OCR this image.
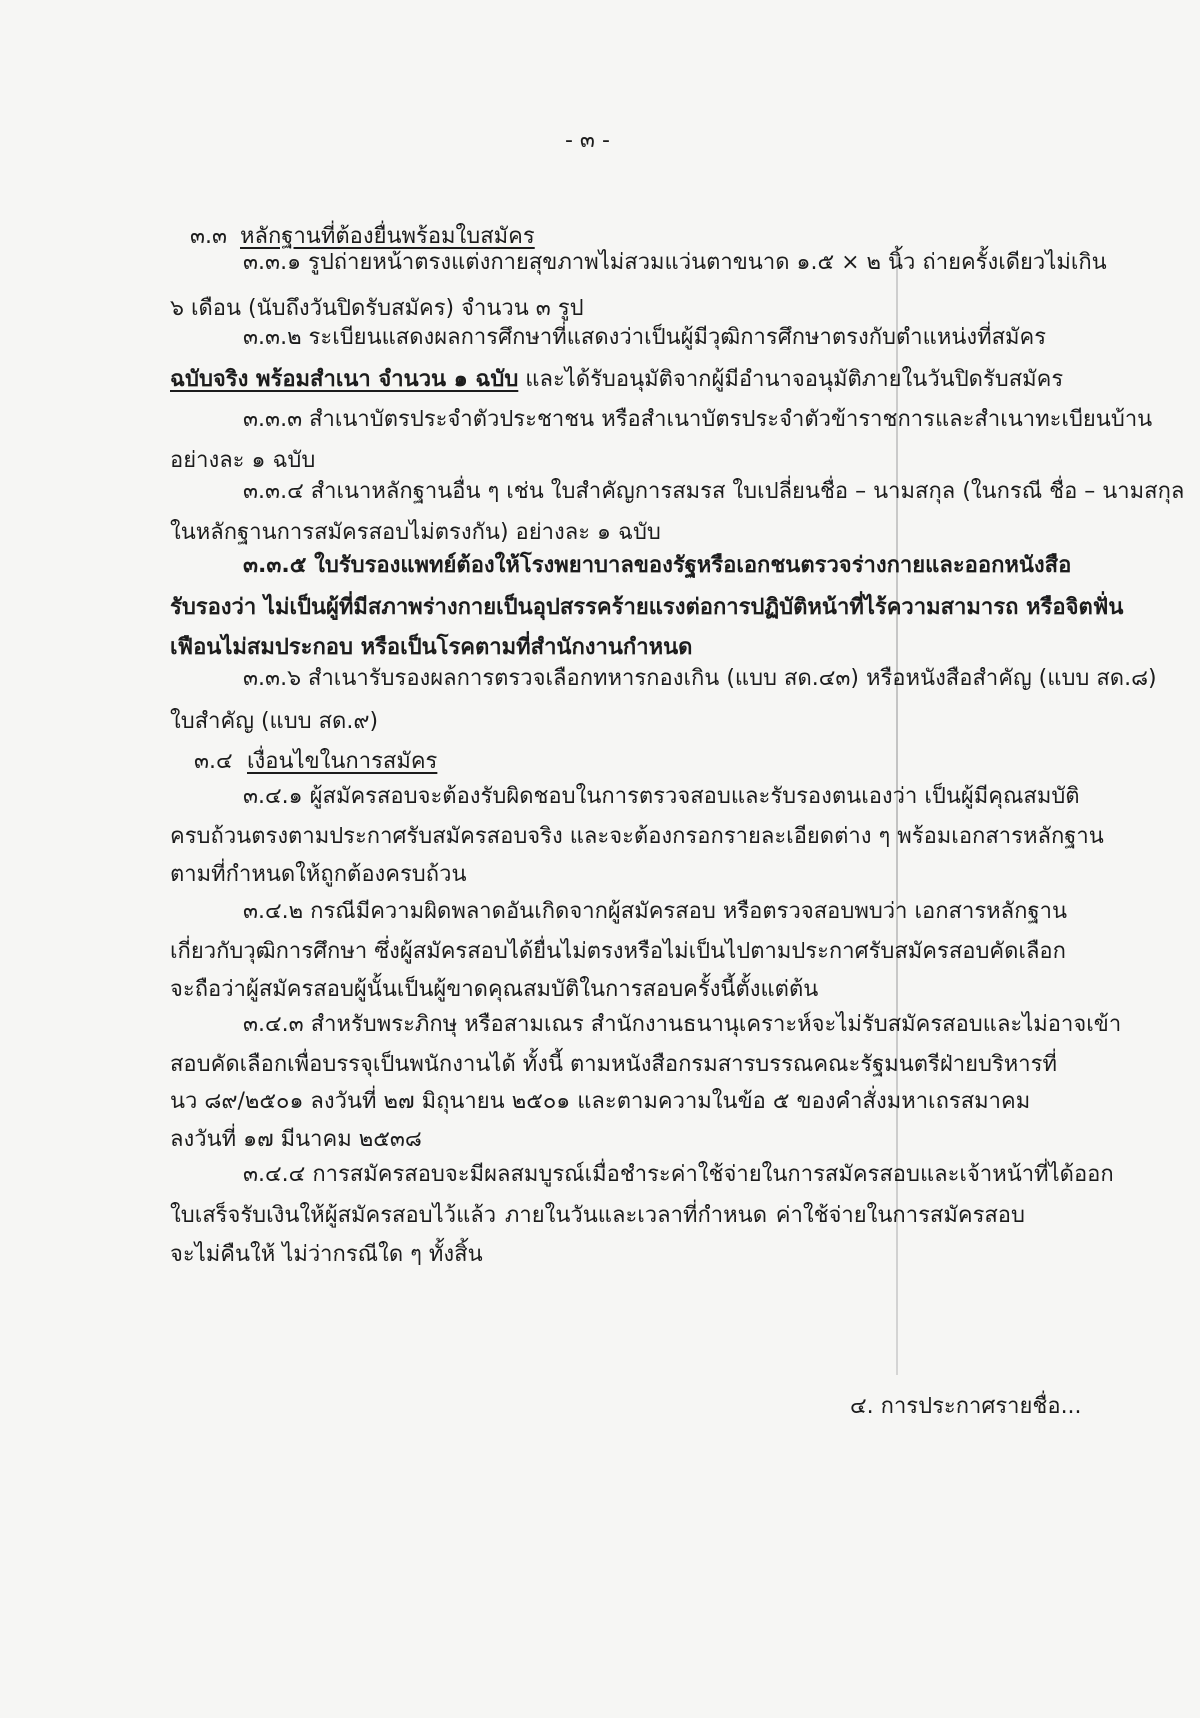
- ๓ -
๓.๓ หลักฐานที่ต้องยื่นพร้อมใบสมัคร
๓.๓.๑ รูปถ่ายหน้าตรงแต่งกายสุขภาพไม่สวมแว่นตาขนาด ๑.๕ × ๒ นิ้ว ถ่ายครั้งเดียวไม่เกิน
๖ เดือน (นับถึงวันปิดรับสมัคร) จำนวน ๓ รูป
๓.๓.๒ ระเบียนแสดงผลการศึกษาที่แสดงว่าเป็นผู้มีวุฒิการศึกษาตรงกับตำแหน่งที่สมัคร
ฉบับจริง พร้อมสำเนา จำนวน ๑ ฉบับ และได้รับอนุมัติจากผู้มีอำนาจอนุมัติภายในวันปิดรับสมัคร
๓.๓.๓ สำเนาบัตรประจำตัวประชาชน หรือสำเนาบัตรประจำตัวข้าราชการและสำเนาทะเบียนบ้าน
อย่างละ ๑ ฉบับ
๓.๓.๔ สำเนาหลักฐานอื่น ๆ เช่น ใบสำคัญการสมรส ใบเปลี่ยนชื่อ – นามสกุล (ในกรณี ชื่อ – นามสกุล
ในหลักฐานการสมัครสอบไม่ตรงกัน) อย่างละ ๑ ฉบับ
๓.๓.๕ ใบรับรองแพทย์ต้องให้โรงพยาบาลของรัฐหรือเอกชนตรวจร่างกายและออกหนังสือ
รับรองว่า ไม่เป็นผู้ที่มีสภาพร่างกายเป็นอุปสรรคร้ายแรงต่อการปฏิบัติหน้าที่ไร้ความสามารถ หรือจิตฟั่น
เฟือนไม่สมประกอบ หรือเป็นโรคตามที่สำนักงานกำหนด
๓.๓.๖ สำเนารับรองผลการตรวจเลือกทหารกองเกิน (แบบ สด.๔๓) หรือหนังสือสำคัญ (แบบ สด.๘)
ใบสำคัญ (แบบ สด.๙)
๓.๔ เงื่อนไขในการสมัคร
๓.๔.๑ ผู้สมัครสอบจะต้องรับผิดชอบในการตรวจสอบและรับรองตนเองว่า เป็นผู้มีคุณสมบัติ
ครบถ้วนตรงตามประกาศรับสมัครสอบจริง และจะต้องกรอกรายละเอียดต่าง ๆ พร้อมเอกสารหลักฐาน
ตามที่กำหนดให้ถูกต้องครบถ้วน
๓.๔.๒ กรณีมีความผิดพลาดอันเกิดจากผู้สมัครสอบ หรือตรวจสอบพบว่า เอกสารหลักฐาน
เกี่ยวกับวุฒิการศึกษา ซึ่งผู้สมัครสอบได้ยื่นไม่ตรงหรือไม่เป็นไปตามประกาศรับสมัครสอบคัดเลือก
จะถือว่าผู้สมัครสอบผู้นั้นเป็นผู้ขาดคุณสมบัติในการสอบครั้งนี้ตั้งแต่ต้น
๓.๔.๓ สำหรับพระภิกษุ หรือสามเณร สำนักงานธนานุเคราะห์จะไม่รับสมัครสอบและไม่อาจเข้า
สอบคัดเลือกเพื่อบรรจุเป็นพนักงานได้ ทั้งนี้ ตามหนังสือกรมสารบรรณคณะรัฐมนตรีฝ่ายบริหารที่
นว ๘๙/๒๕๐๑ ลงวันที่ ๒๗ มิถุนายน ๒๕๐๑ และตามความในข้อ ๕ ของคำสั่งมหาเถรสมาคม
ลงวันที่ ๑๗ มีนาคม ๒๕๓๘
๓.๔.๔ การสมัครสอบจะมีผลสมบูรณ์เมื่อชำระค่าใช้จ่ายในการสมัครสอบและเจ้าหน้าที่ได้ออก
ใบเสร็จรับเงินให้ผู้สมัครสอบไว้แล้ว ภายในวันและเวลาที่กำหนด ค่าใช้จ่ายในการสมัครสอบ
จะไม่คืนให้ ไม่ว่ากรณีใด ๆ ทั้งสิ้น
๔. การประกาศรายชื่อ...
